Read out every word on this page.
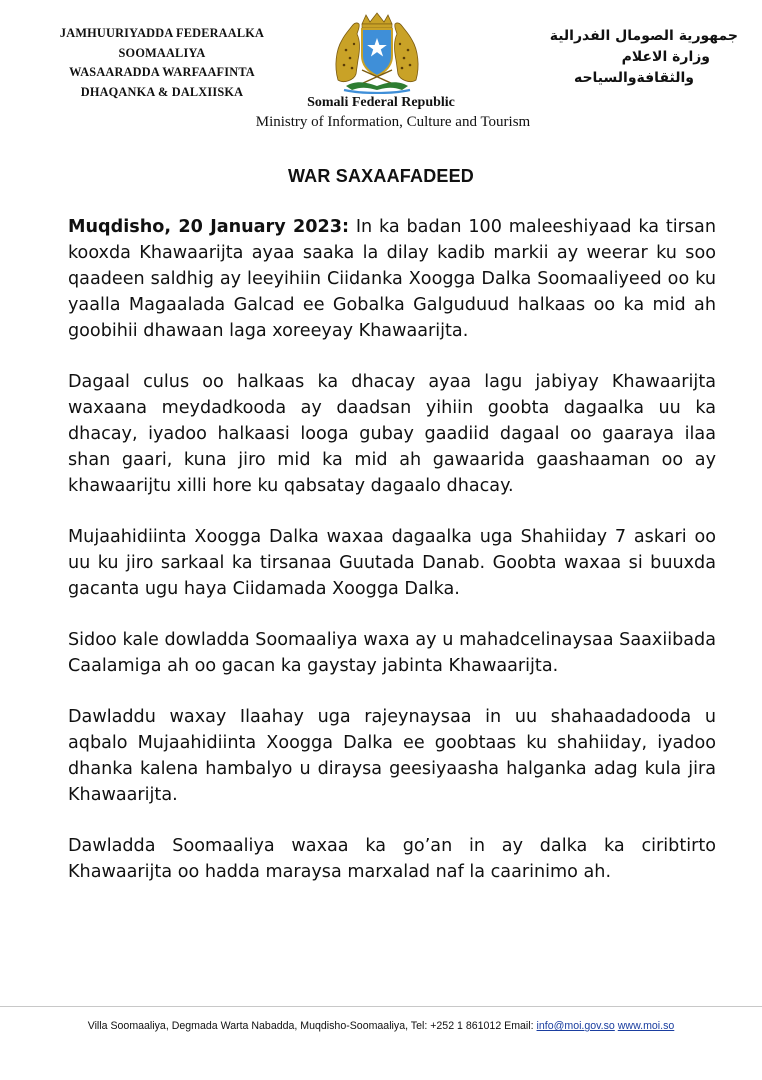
JAMHUURIYADDA FEDERAALKA
SOOMAALIYA
WASAARADDA WARFAAFINTA
DHAQANKA & DALXIISKA
جمهورية الصومال الفدرالية
وزارة الاعلام
والثقافةوالسياحه
Somali Federal Republic
Ministry of Information, Culture and Tourism
WAR SAXAAFADEED

Muqdisho, 20 January 2023: In ka badan 100 maleeshiyaad ka tirsan kooxda Khawaarijta ayaa saaka la dilay kadib markii ay weerar ku soo qaadeen saldhig ay leeyihiin Ciidanka Xoogga Dalka Soomaaliyeed oo ku yaalla Magaalada Galcad ee Gobalka Galguduud halkaas oo ka mid ah goobihii dhawaan laga xoreeyay Khawaarijta.

Dagaal culus oo halkaas ka dhacay ayaa lagu jabiyay Khawaarijta waxaana meydadkooda ay daadsan yihiin goobta dagaalka uu ka dhacay, iyadoo halkaasi looga gubay gaadiid dagaal oo gaaraya ilaa shan gaari, kuna jiro mid ka mid ah gawaarida gaashaaman oo ay khawaarijtu xilli hore ku qabsatay dagaalo dhacay.

Mujaahidiinta Xoogga Dalka waxaa dagaalka uga Shahiiday 7 askari oo uu ku jiro sarkaal ka tirsanaa Guutada Danab. Goobta waxaa si buuxda gacanta ugu haya Ciidamada Xoogga Dalka.

Sidoo kale dowladda Soomaaliya waxa ay u mahadcelinaysaa Saaxiibada Caalamiga ah oo gacan ka gaystay jabinta Khawaarijta.

Dawladdu waxay Ilaahay uga rajeynaysaa in uu shahaadadooda u aqbalo Mujaahidiinta Xoogga Dalka ee goobtaas ku shahiiday, iyadoo dhanka kalena hambalyo u diraysa geesiyaasha halganka adag kula jira Khawaarijta.

Dawladda Soomaaliya waxaa ka go’an in ay dalka ka ciribtirto Khawaarijta oo hadda maraysa marxalad naf la caarinimo ah.

Villa Soomaaliya, Degmada Warta Nabadda, Muqdisho-Soomaaliya, Tel: +252 1 861012 Email: info@moi.gov.so www.moi.so
